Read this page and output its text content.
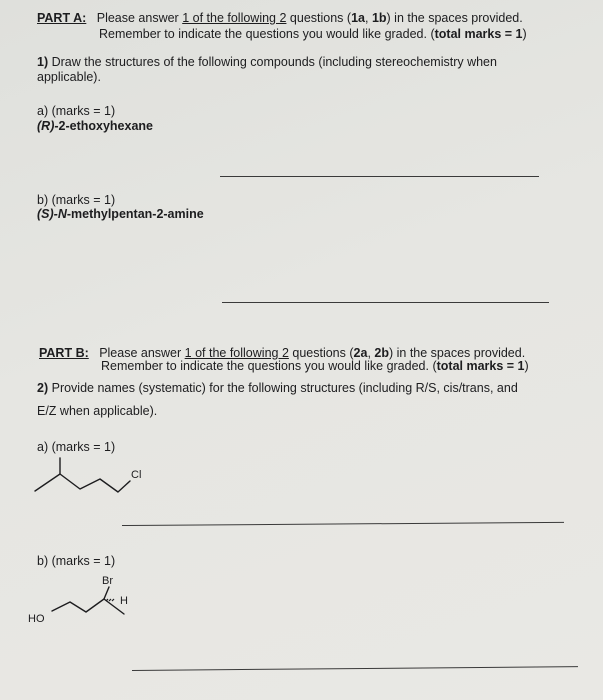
PART A: Please answer 1 of the following 2 questions (1a, 1b) in the spaces provided.
Remember to indicate the questions you would like graded. (total marks = 1)
1) Draw the structures of the following compounds (including stereochemistry when
applicable).
a) (marks = 1)
(R)-2-ethoxyhexane
b) (marks = 1)
(S)-N-methylpentan-2-amine
PART B: Please answer 1 of the following 2 questions (2a, 2b) in the spaces provided.
Remember to indicate the questions you would like graded. (total marks = 1)
2) Provide names (systematic) for the following structures (including R/S, cis/trans, and
E/Z when applicable).
a) (marks = 1)
Cl
b) (marks = 1)
Br
H
HO
